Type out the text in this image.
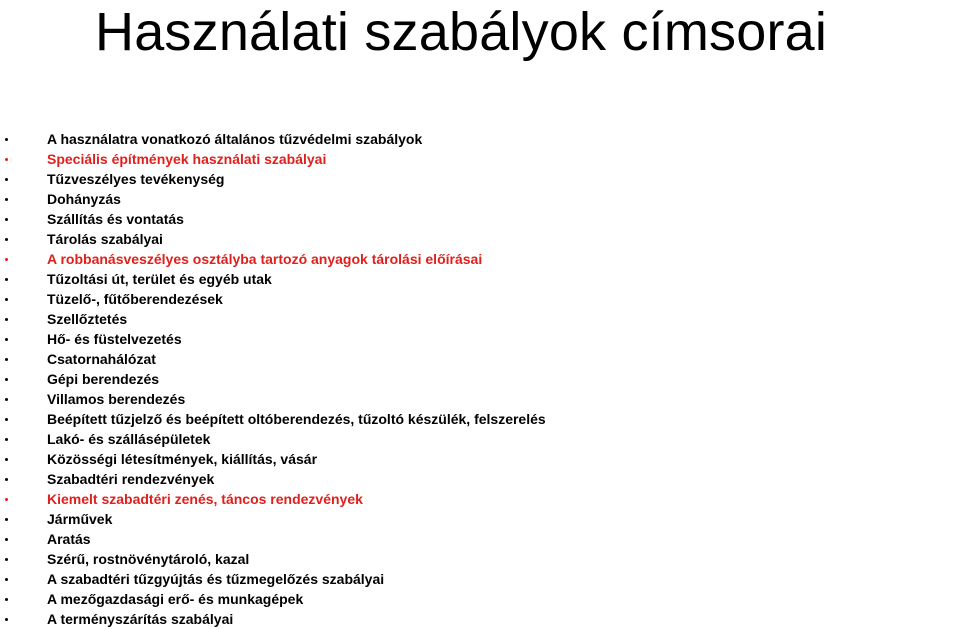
Használati szabályok címsorai
A használatra vonatkozó általános tűzvédelmi szabályok
Speciális építmények használati szabályai
Tűzveszélyes tevékenység
Dohányzás
Szállítás és vontatás
Tárolás szabályai
A robbanásveszélyes osztályba tartozó anyagok tárolási előírásai
Tűzoltási út, terület és egyéb utak
Tüzelő-, fűtőberendezések
Szellőztetés
Hő- és füstelvezetés
Csatornahálózat
Gépi berendezés
Villamos berendezés
Beépített tűzjelző és beépített oltóberendezés, tűzoltó készülék, felszerelés
Lakó- és szállásépületek
Közösségi létesítmények, kiállítás, vásár
Szabadtéri rendezvények
Kiemelt szabadtéri zenés, táncos rendezvények
Járművek
Aratás
Szérű, rostnövénytároló, kazal
A szabadtéri tűzgyújtás és tűzmegelőzés szabályai
A mezőgazdasági erő- és munkagépek
A terményszárítás szabályai
